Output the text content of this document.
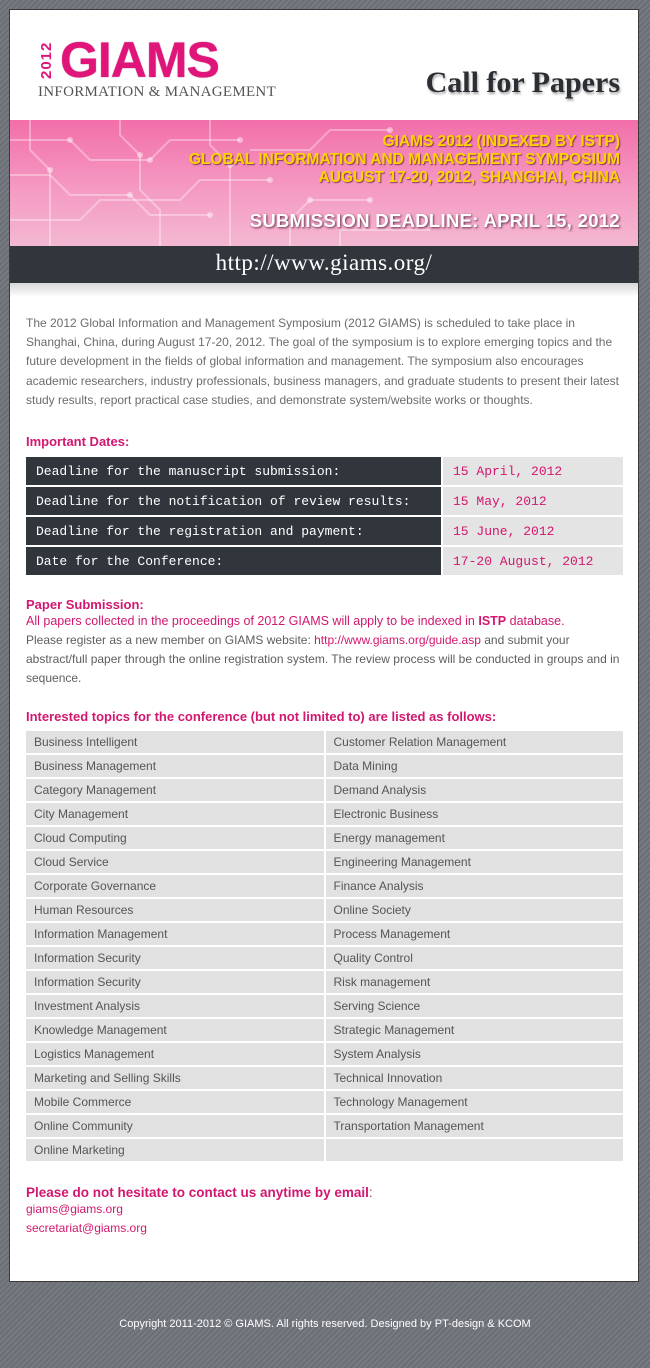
2012 GIAMS
INFORMATION & MANAGEMENT	Call for Papers
GIAMS 2012 (INDEXED BY ISTP)
GLOBAL INFORMATION AND MANAGEMENT SYMPOSIUM
AUGUST 17-20, 2012, SHANGHAI, CHINA
SUBMISSION DEADLINE: APRIL 15, 2012
http://www.giams.org/
The 2012 Global Information and Management Symposium (2012 GIAMS) is scheduled to take place in Shanghai, China, during August 17-20, 2012. The goal of the symposium is to explore emerging topics and the future development in the fields of global information and management. The symposium also encourages academic researchers, industry professionals, business managers, and graduate students to present their latest study results, report practical case studies, and demonstrate system/website works or thoughts.
Important Dates:
Deadline for the manuscript submission:	15 April, 2012
Deadline for the notification of review results:	15 May, 2012
Deadline for the registration and payment:	15 June, 2012
Date for the Conference:	17-20 August, 2012
Paper Submission:
All papers collected in the proceedings of 2012 GIAMS will apply to be indexed in ISTP database.
Please register as a new member on GIAMS website: http://www.giams.org/guide.asp and submit your abstract/full paper through the online registration system. The review process will be conducted in groups and in sequence.
Interested topics for the conference (but not limited to) are listed as follows:
Business Intelligent	Customer Relation Management
Business Management	Data Mining
Category Management	Demand Analysis
City Management	Electronic Business
Cloud Computing	Energy management
Cloud Service	Engineering Management
Corporate Governance	Finance Analysis
Human Resources	Online Society
Information Management	Process Management
Information Security	Quality Control
Information Security	Risk management
Investment Analysis	Serving Science
Knowledge Management	Strategic Management
Logistics Management	System Analysis
Marketing and Selling Skills	Technical Innovation
Mobile Commerce	Technology Management
Online Community	Transportation Management
Online Marketing	
Please do not hesitate to contact us anytime by email:
giams@giams.org
secretariat@giams.org
Copyright 2011-2012 © GIAMS. All rights reserved. Designed by PT-design & KCOM
